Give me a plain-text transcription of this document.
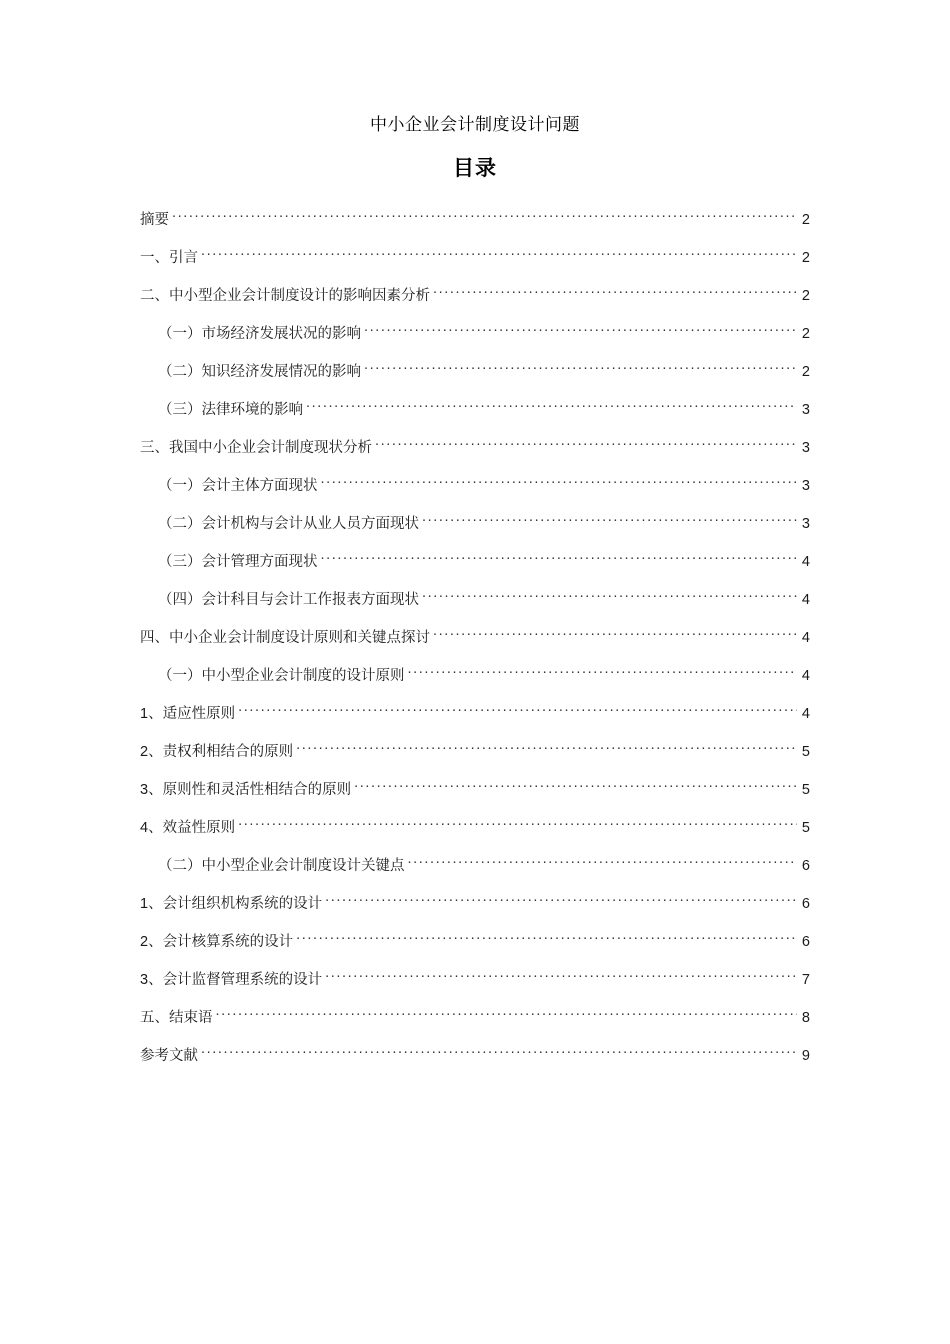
中小企业会计制度设计问题
目录
摘要 .....	2
一、引言 .....	2
二、中小型企业会计制度设计的影响因素分析 .....	2
（一）市场经济发展状况的影响 .....	2
（二）知识经济发展情况的影响 .....	2
（三）法律环境的影响 .....	3
三、我国中小企业会计制度现状分析 .....	3
（一）会计主体方面现状 .....	3
（二）会计机构与会计从业人员方面现状 .....	3
（三）会计管理方面现状 .....	4
（四）会计科目与会计工作报表方面现状 .....	4
四、中小企业会计制度设计原则和关键点探讨 .....	4
（一）中小型企业会计制度的设计原则 .....	4
1、适应性原则 .....	4
2、责权利相结合的原则 .....	5
3、原则性和灵活性相结合的原则 .....	5
4、效益性原则 .....	5
（二）中小型企业会计制度设计关键点 .....	6
1、会计组织机构系统的设计 .....	6
2、会计核算系统的设计 .....	6
3、会计监督管理系统的设计 .....	7
五、结束语 .....	8
参考文献 .....	9
